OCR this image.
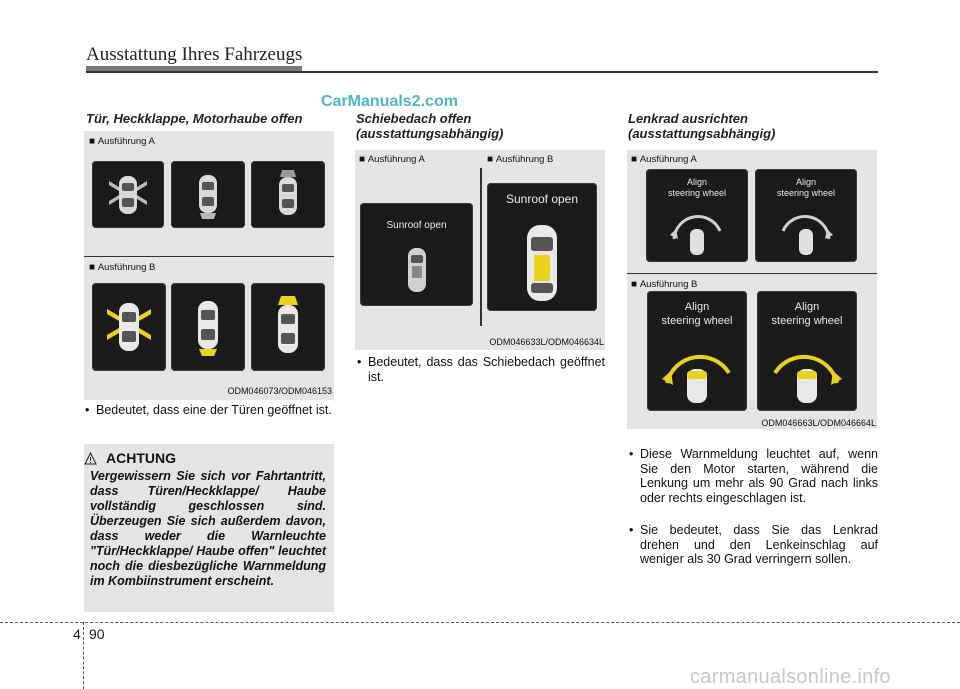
Ausstattung Ihres Fahrzeugs
CarManuals2.com
Tür, Heckklappe, Motorhaube offen
■ Ausführung A
■ Ausführung B
ODM046073/ODM046153
• Bedeutet, dass eine der Türen geöffnet ist.
ACHTUNG
Vergewissern Sie sich vor Fahrtantritt, dass Türen/Heckklappe/ Haube vollständig geschlossen sind. Überzeugen Sie sich außerdem davon, dass weder die Warnleuchte "Tür/Heckklappe/ Haube offen" leuchtet noch die diesbezügliche Warnmeldung im Kombiinstrument erscheint.
Schiebedach offen
(ausstattungsabhängig)
■ Ausführung A
■	Ausführung B
ODM046633L/ODM046634L
Sunroof open
Sunroof open
• Bedeutet, dass das Schiebedach geöffnet ist.
Lenkrad ausrichten
(ausstattungsabhängig)
■ Ausführung A
■ Ausführung B
ODM046663L/ODM046664L
Align
steering wheel
Align
steering wheel
Align
steering wheel
Align
steering wheel
• Diese Warnmeldung leuchtet auf, wenn Sie den Motor starten, während die Lenkung um mehr als 90 Grad nach links oder rechts eingeschlagen ist.
• Sie bedeutet, dass Sie das Lenkrad drehen und den Lenkeinschlag auf weniger als 30 Grad verringern sollen.
4 90
carmanualsonline.info
